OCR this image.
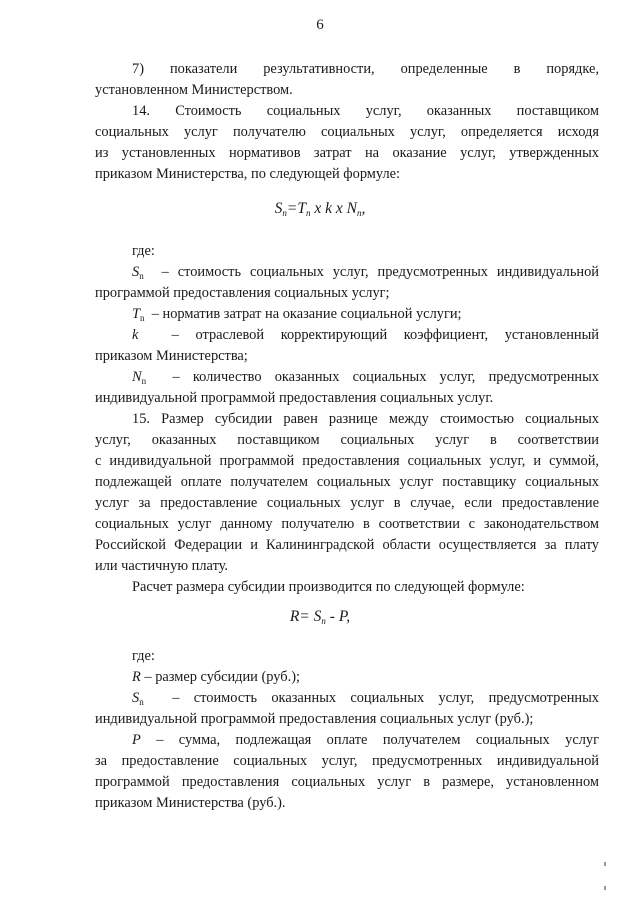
6
7) показатели результативности, определенные в порядке,
установленном Министерством.
14. Стоимость социальных услуг, оказанных поставщиком
социальных услуг получателю социальных услуг, определяется исходя
из установленных нормативов затрат на оказание услуг, утвержденных
приказом Министерства, по следующей формуле:
$S_n=T_n$ x k x $N_n$,
где:
$S_n$ – стоимость социальных услуг, предусмотренных индивидуальной
программой предоставления социальных услуг;
$T_n$ – норматив затрат на оказание социальной услуги;
k – отраслевой корректирующий коэффициент, установленный
приказом Министерства;
$N_n$ – количество оказанных социальных услуг, предусмотренных
индивидуальной программой предоставления социальных услуг.
15. Размер субсидии равен разнице между стоимостью социальных
услуг, оказанных поставщиком социальных услуг в соответствии
с индивидуальной программой предоставления социальных услуг, и суммой,
подлежащей оплате получателем социальных услуг поставщику социальных
услуг за предоставление социальных услуг в случае, если предоставление
социальных услуг данному получателю в соответствии с законодательством
Российской Федерации и Калининградской области осуществляется за плату
или частичную плату.
Расчет размера субсидии производится по следующей формуле:
$R= S_n - P$,
где:
R – размер субсидии (руб.);
$S_n$ – стоимость оказанных социальных услуг, предусмотренных
индивидуальной программой предоставления социальных услуг (руб.);
P – сумма, подлежащая оплате получателем социальных услуг
за предоставление социальных услуг, предусмотренных индивидуальной
программой предоставления социальных услуг в размере, установленном
приказом Министерства (руб.).
